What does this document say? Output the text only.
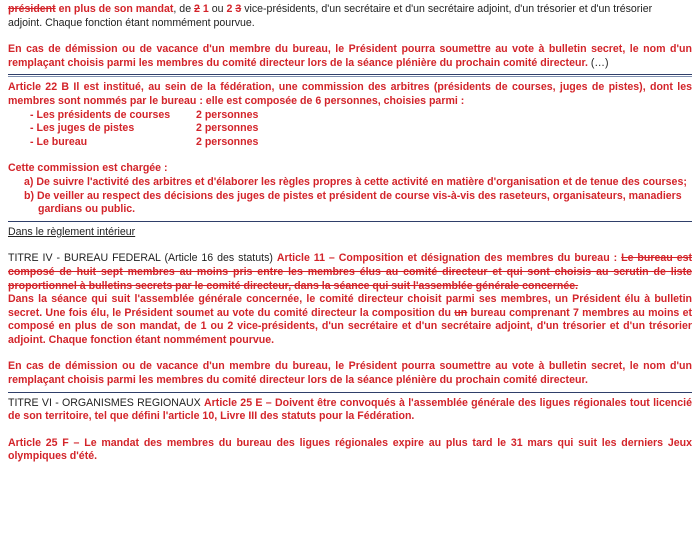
président en plus de son mandat, de 2 1 ou 2 3 vice-présidents, d'un secrétaire et d'un secrétaire adjoint, d'un trésorier et d'un trésorier

adjoint. Chaque fonction étant nommément pourvue.

En cas de démission ou de vacance d'un membre du bureau, le Président pourra soumettre au vote à bulletin secret, le nom d'un remplaçant choisis parmi les membres du comité directeur lors de la séance plénière du prochain comité directeur. (…)

Article 22 B Il est institué, au sein de la fédération, une commission des arbitres (présidents de courses, juges de pistes), dont les membres sont nommés par le bureau : elle est composée de 6 personnes, choisies parmi :

- Les présidents de courses	2 personnes
- Les juges de pistes	2 personnes
- Le bureau	2 personnes

Cette commission est chargée :

a) De suivre l'activité des arbitres et d'élaborer les règles propres à cette activité en matière d'organisation et de tenue des courses;

b) De veiller au respect des décisions des juges de pistes et président de course vis-à-vis des raseteurs, organisateurs, manadiers gardians ou public.

Dans le règlement intérieur

TITRE IV - BUREAU FEDERAL (Article 16 des statuts) Article 11 – Composition et désignation des membres du bureau : Le bureau est composé de huit sept membres au moins pris entre les membres élus au comité directeur et qui sont choisis au scrutin de liste proportionnel à bulletins secrets par le comité directeur, dans la séance qui suit l'assemblée générale concernée.

Dans la séance qui suit l'assemblée générale concernée, le comité directeur choisit parmi ses membres, un Président élu à bulletin secret. Une fois élu, le Président soumet au vote du comité directeur la composition du un bureau comprenant 7 membres au moins et composé en plus de son mandat, de 1 ou 2 vice-présidents, d'un secrétaire et d'un secrétaire adjoint, d'un trésorier et d'un trésorier adjoint. Chaque fonction étant nommément pourvue.

En cas de démission ou de vacance d'un membre du bureau, le Président pourra soumettre au vote à bulletin secret, le nom d'un remplaçant choisis parmi les membres du comité directeur lors de la séance plénière du prochain comité directeur.

TITRE VI - ORGANISMES REGIONAUX Article 25 E – Doivent être convoqués à l'assemblée générale des ligues régionales tout licencié de son territoire, tel que défini l'article 10, Livre III des statuts pour la Fédération.

Article 25 F – Le mandat des membres du bureau des ligues régionales expire au plus tard le 31 mars qui suit les derniers Jeux olympiques d'été.
